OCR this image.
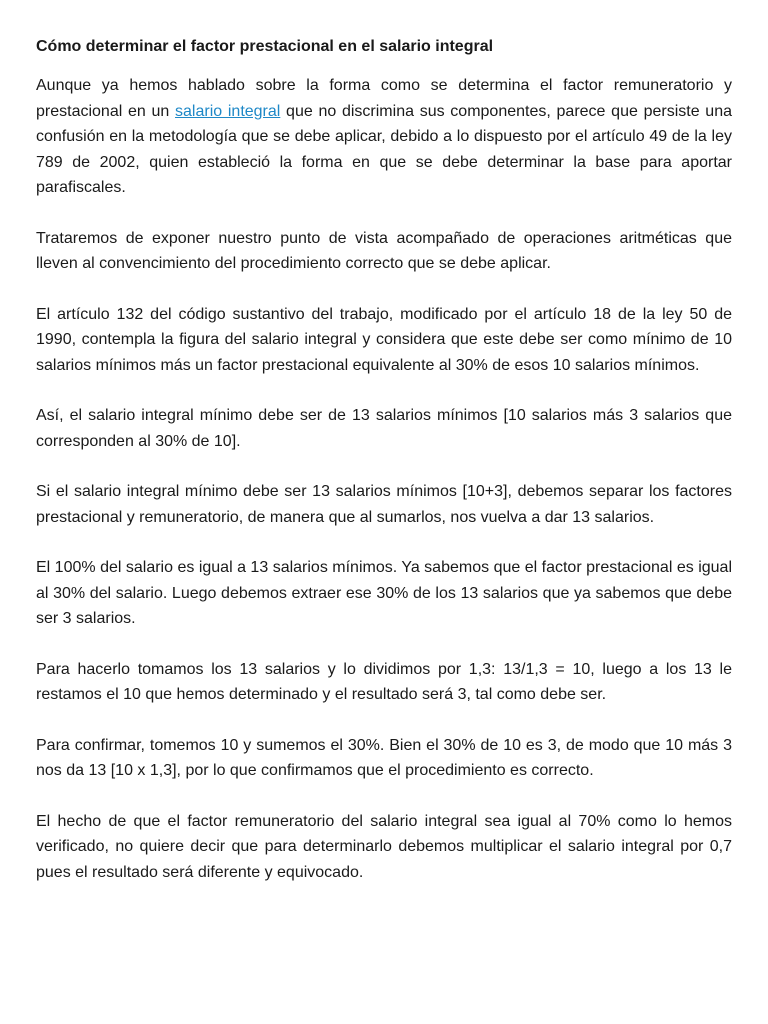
Cómo determinar el factor prestacional en el salario integral

Aunque ya hemos hablado sobre la forma como se determina el factor remuneratorio y prestacional en un salario integral que no discrimina sus componentes, parece que persiste una confusión en la metodología que se debe aplicar, debido a lo dispuesto por el artículo 49 de la ley 789 de 2002, quien estableció la forma en que se debe determinar la base para aportar parafiscales.

Trataremos de exponer nuestro punto de vista acompañado de operaciones aritméticas que lleven al convencimiento del procedimiento correcto que se debe aplicar.

El artículo 132 del código sustantivo del trabajo, modificado por el artículo 18 de la ley 50 de 1990, contempla la figura del salario integral y considera que este debe ser como mínimo de 10 salarios mínimos más un factor prestacional equivalente al 30% de esos 10 salarios mínimos.

Así, el salario integral mínimo debe ser de 13 salarios mínimos [10 salarios más 3 salarios que corresponden al 30% de 10].

Si el salario integral mínimo debe ser 13 salarios mínimos [10+3], debemos separar los factores prestacional y remuneratorio, de manera que al sumarlos, nos vuelva a dar 13 salarios.

El 100% del salario es igual a 13 salarios mínimos. Ya sabemos que el factor prestacional es igual al 30% del salario. Luego debemos extraer ese 30% de los 13 salarios que ya sabemos que debe ser 3 salarios.

Para hacerlo tomamos los 13 salarios y lo dividimos por 1,3: 13/1,3 = 10, luego a los 13 le restamos el 10 que hemos determinado y el resultado será 3, tal como debe ser.

Para confirmar, tomemos 10 y sumemos el 30%. Bien el 30% de 10 es 3, de modo que 10 más 3 nos da 13 [10 x 1,3], por lo que confirmamos que el procedimiento es correcto.

El hecho de que el factor remuneratorio del salario integral sea igual al 70% como lo hemos verificado, no quiere decir que para determinarlo debemos multiplicar el salario integral por 0,7 pues el resultado será diferente y equivocado.
